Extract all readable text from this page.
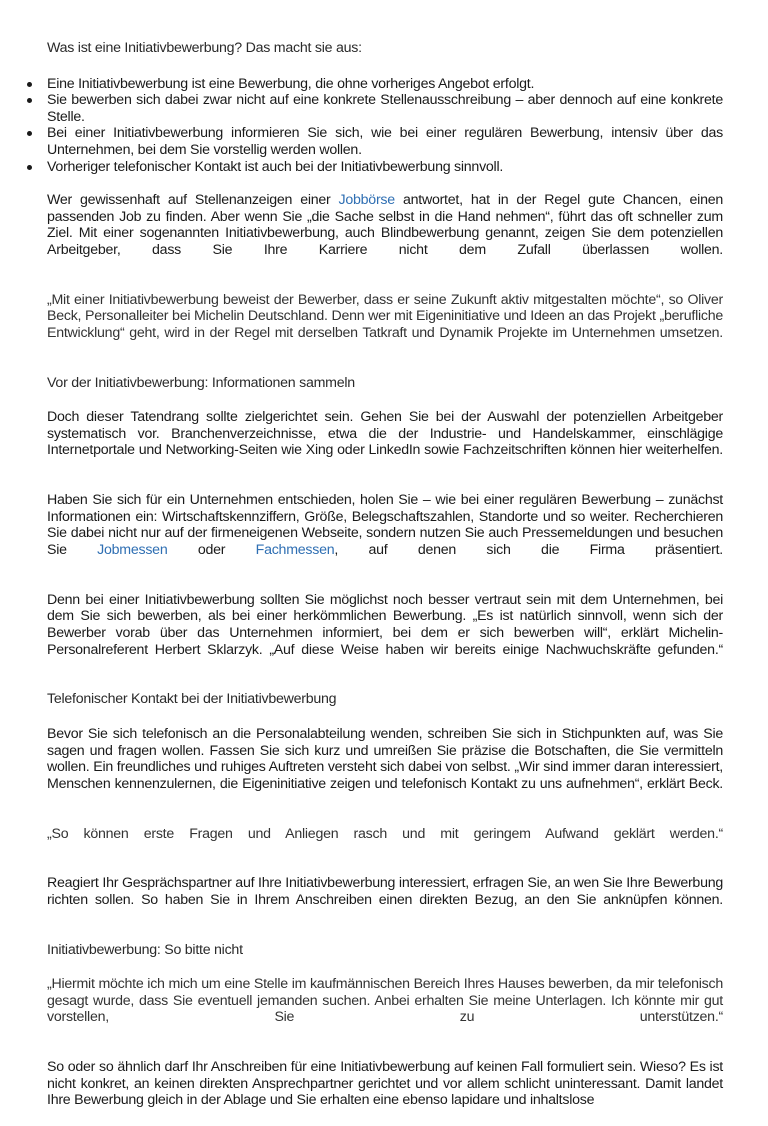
Was ist eine Initiativbewerbung? Das macht sie aus:

Eine Initiativbewerbung ist eine Bewerbung, die ohne vorheriges Angebot erfolgt.
Sie bewerben sich dabei zwar nicht auf eine konkrete Stellenausschreibung – aber dennoch auf eine konkrete Stelle.
Bei einer Initiativbewerbung informieren Sie sich, wie bei einer regulären Bewerbung, intensiv über das Unternehmen, bei dem Sie vorstellig werden wollen.
Vorheriger telefonischer Kontakt ist auch bei der Initiativbewerbung sinnvoll.

Wer gewissenhaft auf Stellenanzeigen einer Jobbörse antwortet, hat in der Regel gute Chancen, einen passenden Job zu finden. Aber wenn Sie „die Sache selbst in die Hand nehmen“, führt das oft schneller zum Ziel. Mit einer sogenannten Initiativbewerbung, auch Blindbewerbung genannt, zeigen Sie dem potenziellen Arbeitgeber, dass Sie Ihre Karriere nicht dem Zufall überlassen wollen.

„Mit einer Initiativbewerbung beweist der Bewerber, dass er seine Zukunft aktiv mitgestalten möchte“, so Oliver Beck, Personalleiter bei Michelin Deutschland. Denn wer mit Eigeninitiative und Ideen an das Projekt „berufliche Entwicklung“ geht, wird in der Regel mit derselben Tatkraft und Dynamik Projekte im Unternehmen umsetzen.

Vor der Initiativbewerbung: Informationen sammeln

Doch dieser Tatendrang sollte zielgerichtet sein. Gehen Sie bei der Auswahl der potenziellen Arbeitgeber systematisch vor. Branchenverzeichnisse, etwa die der Industrie- und Handelskammer, einschlägige Internetportale und Networking-Seiten wie Xing oder LinkedIn sowie Fachzeitschriften können hier weiterhelfen.

Haben Sie sich für ein Unternehmen entschieden, holen Sie – wie bei einer regulären Bewerbung – zunächst Informationen ein: Wirtschaftskennziffern, Größe, Belegschaftszahlen, Standorte und so weiter. Recherchieren Sie dabei nicht nur auf der firmeneigenen Webseite, sondern nutzen Sie auch Pressemeldungen und besuchen Sie Jobmessen oder Fachmessen, auf denen sich die Firma präsentiert.

Denn bei einer Initiativbewerbung sollten Sie möglichst noch besser vertraut sein mit dem Unternehmen, bei dem Sie sich bewerben, als bei einer herkömmlichen Bewerbung. „Es ist natürlich sinnvoll, wenn sich der Bewerber vorab über das Unternehmen informiert, bei dem er sich bewerben will“, erklärt Michelin-Personalreferent Herbert Sklarzyk. „Auf diese Weise haben wir bereits einige Nachwuchskräfte gefunden.“

Telefonischer Kontakt bei der Initiativbewerbung

Bevor Sie sich telefonisch an die Personalabteilung wenden, schreiben Sie sich in Stichpunkten auf, was Sie sagen und fragen wollen. Fassen Sie sich kurz und umreißen Sie präzise die Botschaften, die Sie vermitteln wollen. Ein freundliches und ruhiges Auftreten versteht sich dabei von selbst. „Wir sind immer daran interessiert, Menschen kennenzulernen, die Eigeninitiative zeigen und telefonisch Kontakt zu uns aufnehmen“, erklärt Beck.

„So können erste Fragen und Anliegen rasch und mit geringem Aufwand geklärt werden.“

Reagiert Ihr Gesprächspartner auf Ihre Initiativbewerbung interessiert, erfragen Sie, an wen Sie Ihre Bewerbung richten sollen. So haben Sie in Ihrem Anschreiben einen direkten Bezug, an den Sie anknüpfen können.

Initiativbewerbung: So bitte nicht

„Hiermit möchte ich mich um eine Stelle im kaufmännischen Bereich Ihres Hauses bewerben, da mir telefonisch gesagt wurde, dass Sie eventuell jemanden suchen. Anbei erhalten Sie meine Unterlagen. Ich könnte mir gut vorstellen, Sie zu unterstützen.“

So oder so ähnlich darf Ihr Anschreiben für eine Initiativbewerbung auf keinen Fall formuliert sein. Wieso? Es ist nicht konkret, an keinen direkten Ansprechpartner gerichtet und vor allem schlicht uninteressant. Damit landet Ihre Bewerbung gleich in der Ablage und Sie erhalten eine ebenso lapidare und inhaltslose
